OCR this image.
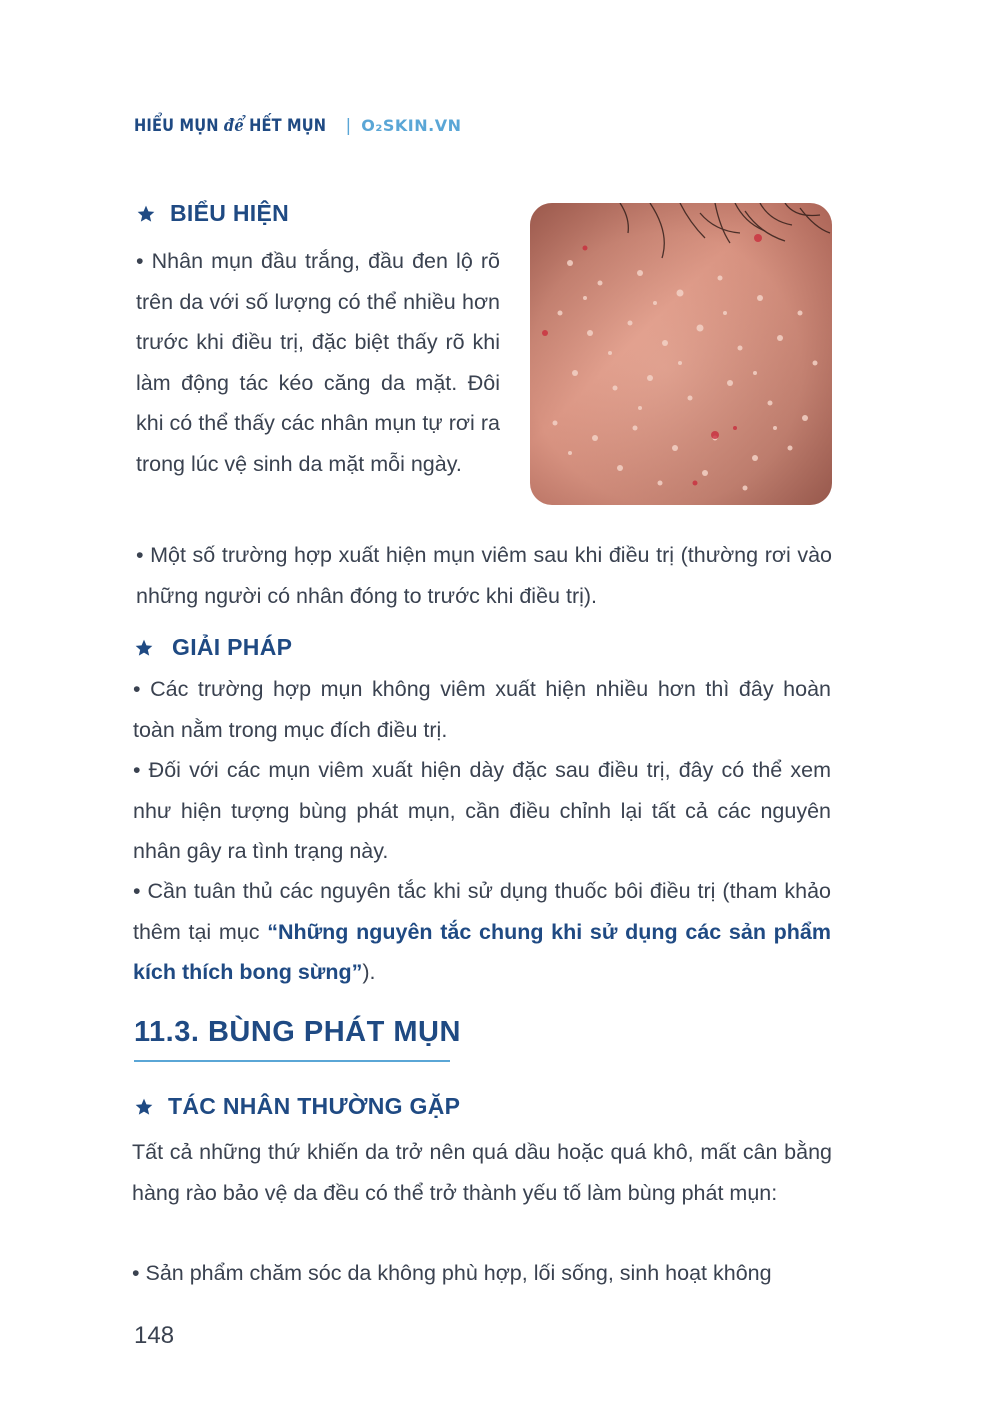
HIỂU MỤN để HẾT MỤN | O₂SKIN.VN
BIỂU HIỆN

• Nhân mụn đầu trắng, đầu đen lộ rõ trên da với số lượng có thể nhiều hơn trước khi điều trị, đặc biệt thấy rõ khi làm động tác kéo căng da mặt. Đôi khi có thể thấy các nhân mụn tự rơi ra trong lúc vệ sinh da mặt mỗi ngày.

• Một số trường hợp xuất hiện mụn viêm sau khi điều trị (thường rơi vào những người có nhân đóng to trước khi điều trị).

GIẢI PHÁP

• Các trường hợp mụn không viêm xuất hiện nhiều hơn thì đây hoàn toàn nằm trong mục đích điều trị.

• Đối với các mụn viêm xuất hiện dày đặc sau điều trị, đây có thể xem như hiện tượng bùng phát mụn, cần điều chỉnh lại tất cả các nguyên nhân gây ra tình trạng này.

• Cần tuân thủ các nguyên tắc khi sử dụng thuốc bôi điều trị (tham khảo thêm tại mục “Những nguyên tắc chung khi sử dụng các sản phẩm kích thích bong sừng”).

11.3. BÙNG PHÁT MỤN
TÁC NHÂN THƯỜNG GẶP

Tất cả những thứ khiến da trở nên quá dầu hoặc quá khô, mất cân bằng hàng rào bảo vệ da đều có thể trở thành yếu tố làm bùng phát mụn:

• Sản phẩm chăm sóc da không phù hợp, lối sống, sinh hoạt không

148
